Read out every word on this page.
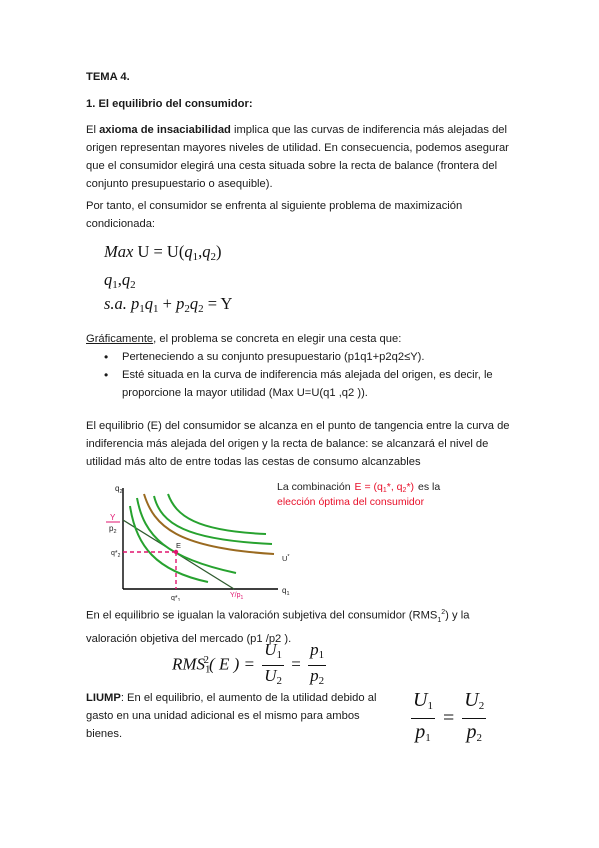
TEMA 4.

1. El equilibrio del consumidor:

El axioma de insaciabilidad implica que las curvas de indiferencia más alejadas del origen representan mayores niveles de utilidad. En consecuencia, podemos asegurar que el consumidor elegirá una cesta situada sobre la recta de balance (frontera del conjunto presupuestario o asequible).

Por tanto, el consumidor se enfrenta al siguiente problema de maximización condicionada:

Max $U = U(q_1,q_2)$
$q_1,q_2$
s.a. $p_1q_1 + p_2q_2 = Y$

Gráficamente, el problema se concreta en elegir una cesta que:

• Perteneciendo a su conjunto presupuestario (p1q1+p2q2≤Y).
• Esté situada en la curva de indiferencia más alejada del origen, es decir, le proporcione la mayor utilidad (Max U=U(q1 ,q2 )).

El equilibrio (E) del consumidor se alcanza en el punto de tangencia entre la curva de indiferencia más alejada del origen y la recta de balance: se alcanzará el nivel de utilidad más alto de entre todas las cestas de consumo alcanzables

$q_2$
$q_1$
Y
$p_2$
E
$q*_2$
$q*_1$
$Y/p_1$
U*
La combinación E = (q1*, q2*) es la
elección óptima del consumidor

En el equilibrio se igualan la valoración subjetiva del consumidor $(RMS_1^2)$ y la valoración objetiva del mercado (p1 /p2 ).

$RMS_1^2$( E ) = $\frac{U_1}{U_2} = \frac{p_1}{p_2}$

LIUMP: En el equilibrio, el aumento de la utilidad debido al gasto en una unidad adicional es el mismo para ambos bienes.	$\frac{U_1}{p_1} = \frac{U_2}{p_2}$
